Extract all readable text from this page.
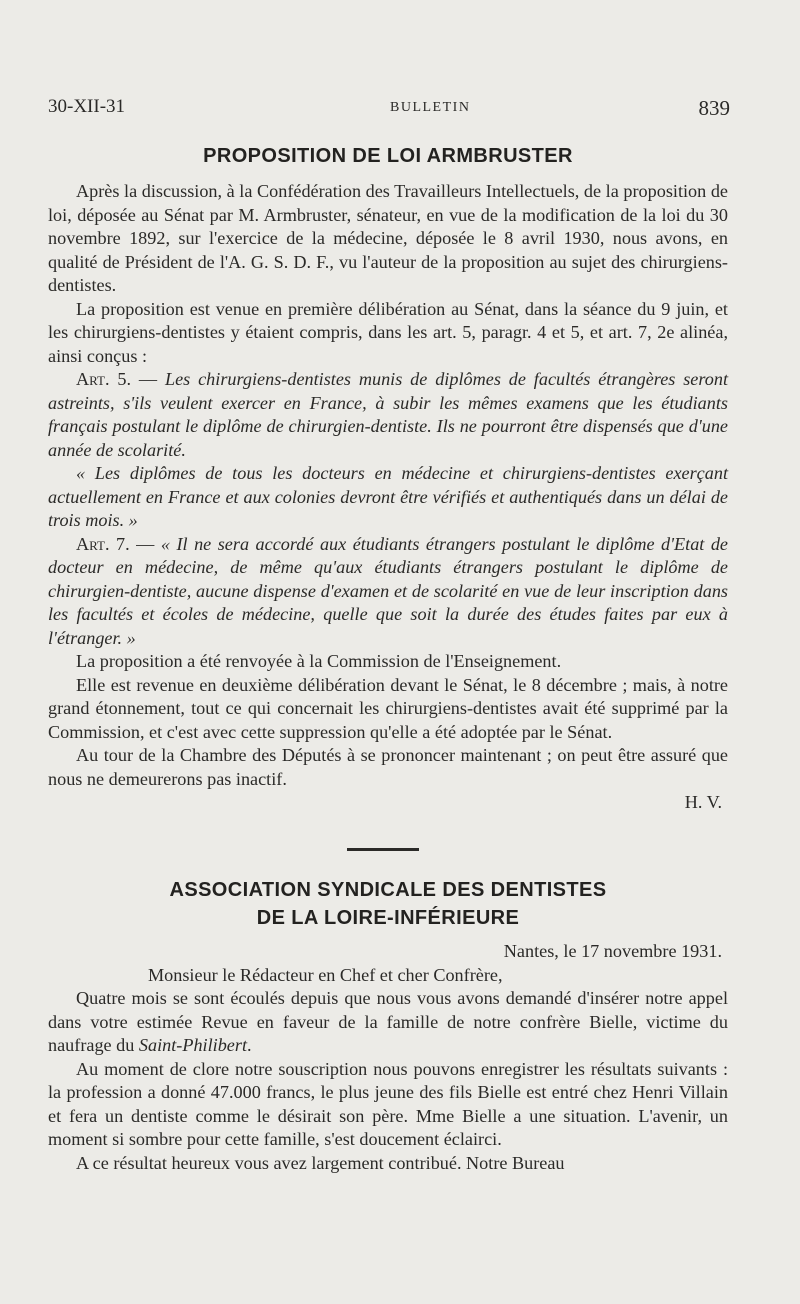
30-XII-31	BULLETIN	839
PROPOSITION DE LOI ARMBRUSTER

Après la discussion, à la Confédération des Travailleurs Intellectuels, de la proposition de loi, déposée au Sénat par M. Armbruster, sénateur, en vue de la modification de la loi du 30 novembre 1892, sur l'exercice de la médecine, déposée le 8 avril 1930, nous avons, en qualité de Président de l'A. G. S. D. F., vu l'auteur de la proposition au sujet des chirurgiens-dentistes.

La proposition est venue en première délibération au Sénat, dans la séance du 9 juin, et les chirurgiens-dentistes y étaient compris, dans les art. 5, paragr. 4 et 5, et art. 7, 2e alinéa, ainsi conçus :

Art. 5. — Les chirurgiens-dentistes munis de diplômes de facultés étrangères seront astreints, s'ils veulent exercer en France, à subir les mêmes examens que les étudiants français postulant le diplôme de chirurgien-dentiste. Ils ne pourront être dispensés que d'une année de scolarité.

« Les diplômes de tous les docteurs en médecine et chirurgiens-dentistes exerçant actuellement en France et aux colonies devront être vérifiés et authentiqués dans un délai de trois mois. »

Art. 7. — « Il ne sera accordé aux étudiants étrangers postulant le diplôme d'Etat de docteur en médecine, de même qu'aux étudiants étrangers postulant le diplôme de chirurgien-dentiste, aucune dispense d'examen et de scolarité en vue de leur inscription dans les facultés et écoles de médecine, quelle que soit la durée des études faites par eux à l'étranger. »

La proposition a été renvoyée à la Commission de l'Enseignement.

Elle est revenue en deuxième délibération devant le Sénat, le 8 décembre ; mais, à notre grand étonnement, tout ce qui concernait les chirurgiens-dentistes avait été supprimé par la Commission, et c'est avec cette suppression qu'elle a été adoptée par le Sénat.

Au tour de la Chambre des Députés à se prononcer maintenant ; on peut être assuré que nous ne demeurerons pas inactif.

H. V.

ASSOCIATION SYNDICALE DES DENTISTES
DE LA LOIRE-INFÉRIEURE

Nantes, le 17 novembre 1931.

Monsieur le Rédacteur en Chef et cher Confrère,

Quatre mois se sont écoulés depuis que nous vous avons demandé d'insérer notre appel dans votre estimée Revue en faveur de la famille de notre confrère Bielle, victime du naufrage du Saint-Philibert.

Au moment de clore notre souscription nous pouvons enregistrer les résultats suivants : la profession a donné 47.000 francs, le plus jeune des fils Bielle est entré chez Henri Villain et fera un dentiste comme le désirait son père. Mme Bielle a une situation. L'avenir, un moment si sombre pour cette famille, s'est doucement éclairci.

A ce résultat heureux vous avez largement contribué. Notre Bureau
